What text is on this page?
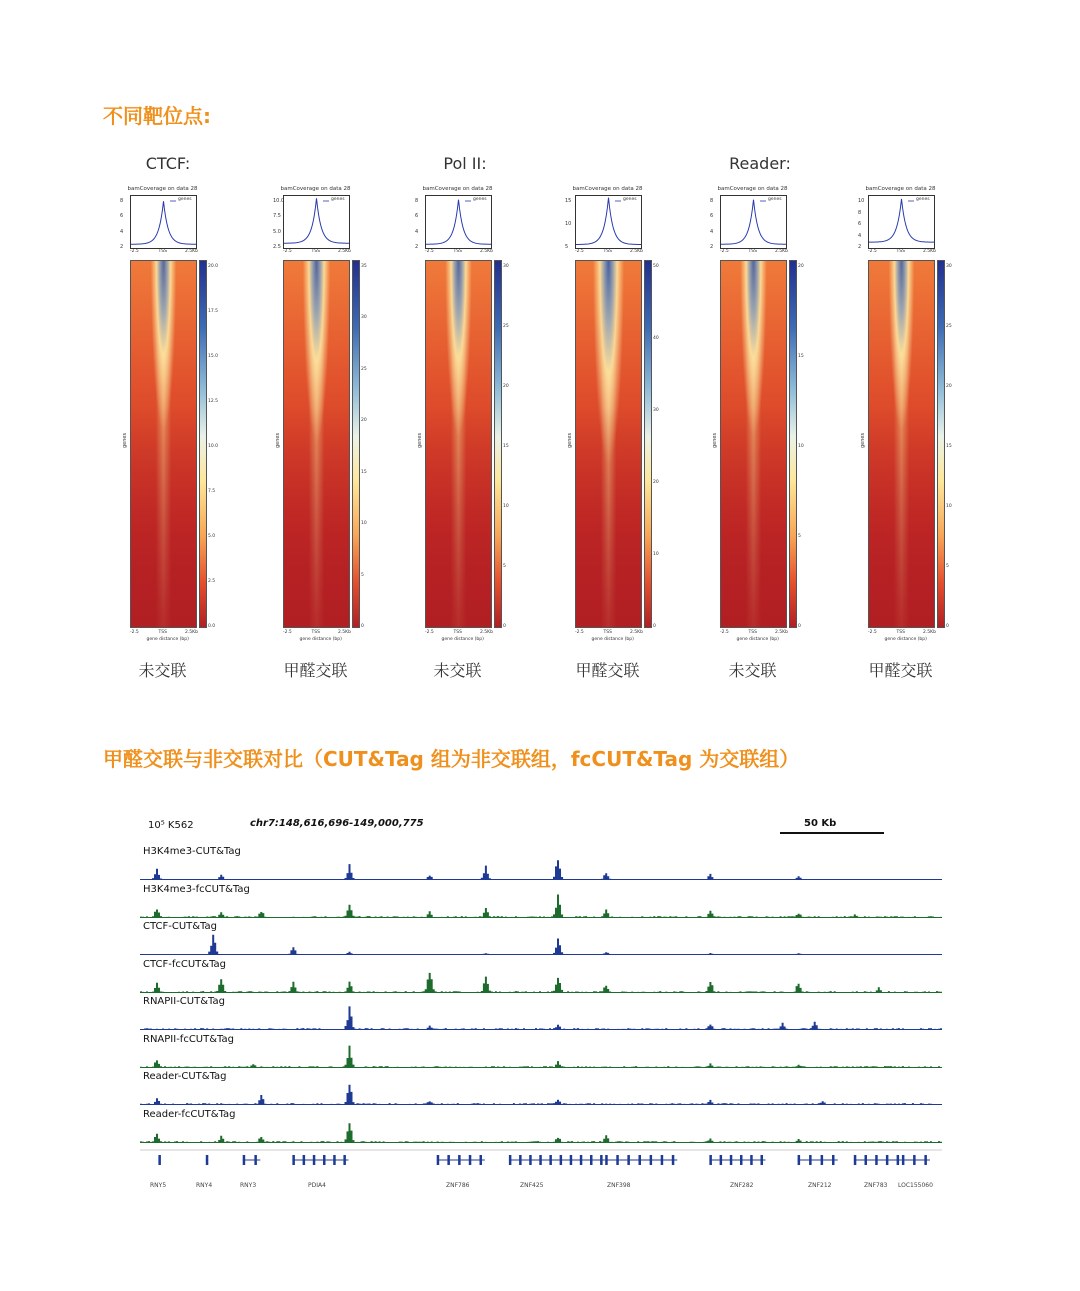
不同靶位点:
甲醛交联与非交联对比（CUT&Tag 组为非交联组，fcCUT&Tag 为交联组）
CTCF:	Pol II:	Reader:
bamCoverage on data 28
genes
8
6
4
2
-2.5	TSS	2.5Kb
20.0
17.5
15.0
12.5
10.0
7.5
5.0
2.5
0.0
genes
-2.5	TSS	2.5Kb
gene distance (bp)
bamCoverage on data 28
genes
10.0
7.5
5.0
2.5
-2.5	TSS	2.5Kb
35
30
25
20
15
10
5
0
genes
-2.5	TSS	2.5Kb
gene distance (bp)
bamCoverage on data 28
genes
8
6
4
2
-2.5	TSS	2.5Kb
30
25
20
15
10
5
0
genes
-2.5	TSS	2.5Kb
gene distance (bp)
bamCoverage on data 28
genes
15
10
5
-2.5	TSS	2.5Kb
50
40
30
20
10
0
genes
-2.5	TSS	2.5Kb
gene distance (bp)
bamCoverage on data 28
genes
8
6
4
2
-2.5	TSS	2.5Kb
20
15
10
5
0
genes
-2.5	TSS	2.5Kb
gene distance (bp)
bamCoverage on data 28
genes
10
8
6
4
2
-2.5	TSS	2.5Kb
30
25
20
15
10
5
0
genes
-2.5	TSS	2.5Kb
gene distance (bp)
10⁵ K562	chr7:148,616,696-149,000,775	50 Kb
H3K4me3-CUT&Tag
H3K4me3-fcCUT&Tag
CTCF-CUT&Tag
CTCF-fcCUT&Tag
RNAPII-CUT&Tag
RNAPII-fcCUT&Tag
Reader-CUT&Tag
Reader-fcCUT&Tag
RNY5	RNY4	RNY3	PDIA4	ZNF786	ZNF425	ZNF398	ZNF282	ZNF212	ZNF783 LOC155060
未交联	甲醛交联	未交联	甲醛交联	未交联	甲醛交联
